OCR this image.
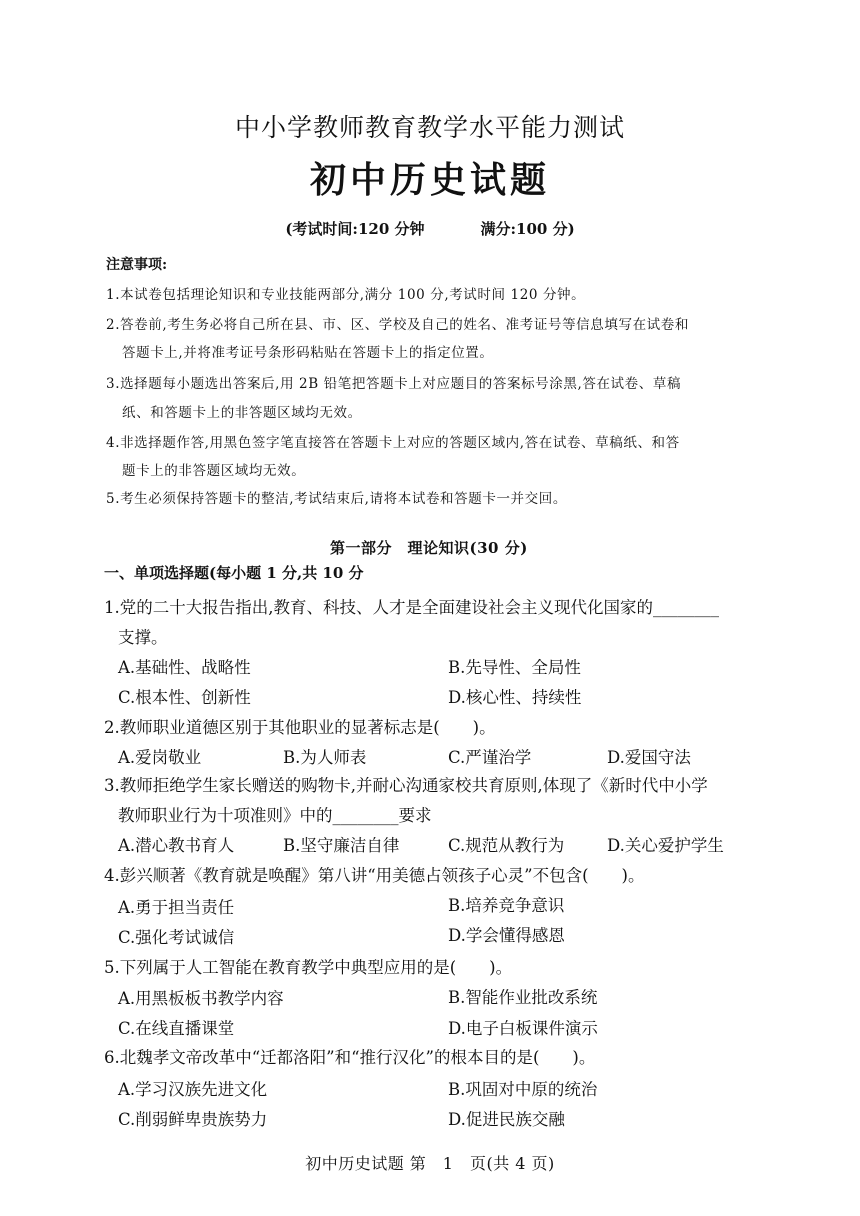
中小学教师教育教学水平能力测试
初中历史试题
(考试时间:120 分钟	满分:100 分)
注意事项:
1.本试卷包括理论知识和专业技能两部分,满分 100 分,考试时间 120 分钟。
2.答卷前,考生务必将自己所在县、市、区、学校及自己的姓名、准考证号等信息填写在试卷和
答题卡上,并将准考证号条形码粘贴在答题卡上的指定位置。
3.选择题每小题选出答案后,用 2B 铅笔把答题卡上对应题目的答案标号涂黑,答在试卷、草稿
纸、和答题卡上的非答题区域均无效。
4.非选择题作答,用黑色签字笔直接答在答题卡上对应的答题区域内,答在试卷、草稿纸、和答
题卡上的非答题区域均无效。
5.考生必须保持答题卡的整洁,考试结束后,请将本试卷和答题卡一并交回。
第一部分　理论知识(30 分)
一、单项选择题(每小题 1 分,共 10 分
1.党的二十大报告指出,教育、科技、人才是全面建设社会主义现代化国家的________
支撑。
A.基础性、战略性	B.先导性、全局性
C.根本性、创新性	D.核心性、持续性
2.教师职业道德区别于其他职业的显著标志是(　　)。
A.爱岗敬业	B.为人师表	C.严谨治学	D.爱国守法
3.教师拒绝学生家长赠送的购物卡,并耐心沟通家校共育原则,体现了《新时代中小学
教师职业行为十项准则》中的________要求
A.潜心教书育人	B.坚守廉洁自律	C.规范从教行为	D.关心爱护学生
4.彭兴顺著《教育就是唤醒》第八讲“用美德占领孩子心灵”不包含(　　)。
A.勇于担当责任	B.培养竞争意识
C.强化考试诚信	D.学会懂得感恩
5.下列属于人工智能在教育教学中典型应用的是(　　)。
A.用黑板板书教学内容	B.智能作业批改系统
C.在线直播课堂	D.电子白板课件演示
6.北魏孝文帝改革中“迁都洛阳”和“推行汉化”的根本目的是(　　)。
A.学习汉族先进文化	B.巩固对中原的统治
C.削弱鲜卑贵族势力	D.促进民族交融
初中历史试题 第　1　页(共 4 页)
